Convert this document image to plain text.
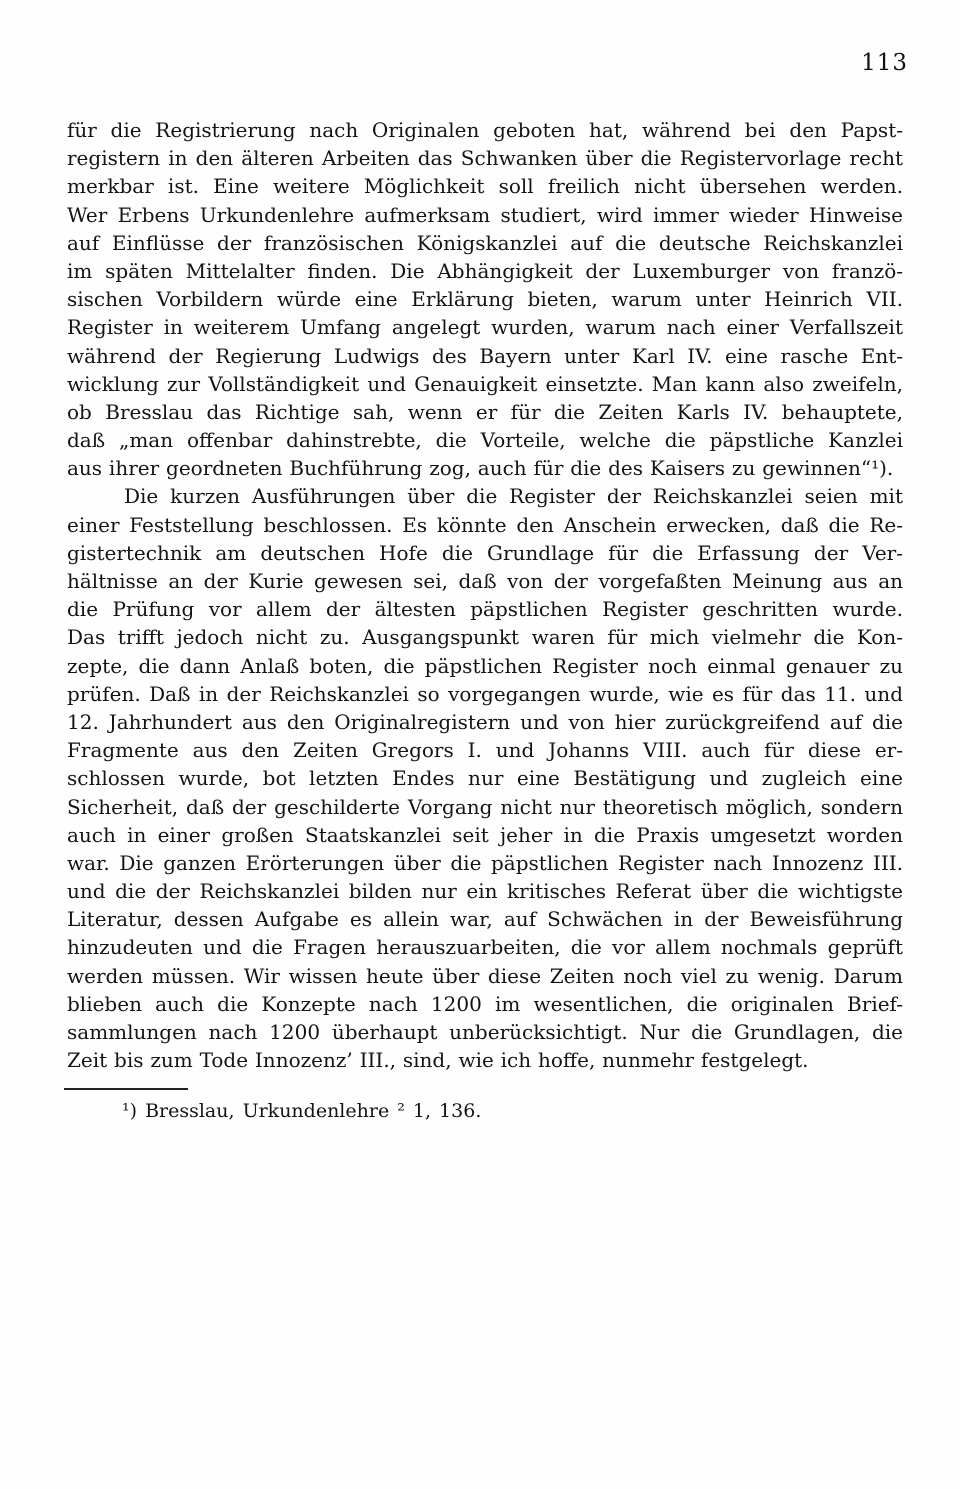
113
für die Registrierung nach Originalen geboten hat, während bei den Papst-
registern in den älteren Arbeiten das Schwanken über die Registervorlage recht
merkbar ist. Eine weitere Möglichkeit soll freilich nicht übersehen werden.
Wer Erbens Urkundenlehre aufmerksam studiert, wird immer wieder Hinweise
auf Einflüsse der französischen Königskanzlei auf die deutsche Reichskanzlei
im späten Mittelalter finden. Die Abhängigkeit der Luxemburger von franzö-
sischen Vorbildern würde eine Erklärung bieten, warum unter Heinrich VII.
Register in weiterem Umfang angelegt wurden, warum nach einer Verfallszeit
während der Regierung Ludwigs des Bayern unter Karl IV. eine rasche Ent-
wicklung zur Vollständigkeit und Genauigkeit einsetzte. Man kann also zweifeln,
ob Bresslau das Richtige sah, wenn er für die Zeiten Karls IV. behauptete,
daß „man offenbar dahinstrebte, die Vorteile, welche die päpstliche Kanzlei
aus ihrer geordneten Buchführung zog, auch für die des Kaisers zu gewinnen“¹).
Die kurzen Ausführungen über die Register der Reichskanzlei seien mit
einer Feststellung beschlossen. Es könnte den Anschein erwecken, daß die Re-
gistertechnik am deutschen Hofe die Grundlage für die Erfassung der Ver-
hältnisse an der Kurie gewesen sei, daß von der vorgefaßten Meinung aus an
die Prüfung vor allem der ältesten päpstlichen Register geschritten wurde.
Das trifft jedoch nicht zu. Ausgangspunkt waren für mich vielmehr die Kon-
zepte, die dann Anlaß boten, die päpstlichen Register noch einmal genauer zu
prüfen. Daß in der Reichskanzlei so vorgegangen wurde, wie es für das 11. und
12. Jahrhundert aus den Originalregistern und von hier zurückgreifend auf die
Fragmente aus den Zeiten Gregors I. und Johanns VIII. auch für diese er-
schlossen wurde, bot letzten Endes nur eine Bestätigung und zugleich eine
Sicherheit, daß der geschilderte Vorgang nicht nur theoretisch möglich, sondern
auch in einer großen Staatskanzlei seit jeher in die Praxis umgesetzt worden
war. Die ganzen Erörterungen über die päpstlichen Register nach Innozenz III.
und die der Reichskanzlei bilden nur ein kritisches Referat über die wichtigste
Literatur, dessen Aufgabe es allein war, auf Schwächen in der Beweisführung
hinzudeuten und die Fragen herauszuarbeiten, die vor allem nochmals geprüft
werden müssen. Wir wissen heute über diese Zeiten noch viel zu wenig. Darum
blieben auch die Konzepte nach 1200 im wesentlichen, die originalen Brief-
sammlungen nach 1200 überhaupt unberücksichtigt. Nur die Grundlagen, die
Zeit bis zum Tode Innozenz’ III., sind, wie ich hoffe, nunmehr festgelegt.
¹) Bresslau, Urkundenlehre ² 1, 136.
